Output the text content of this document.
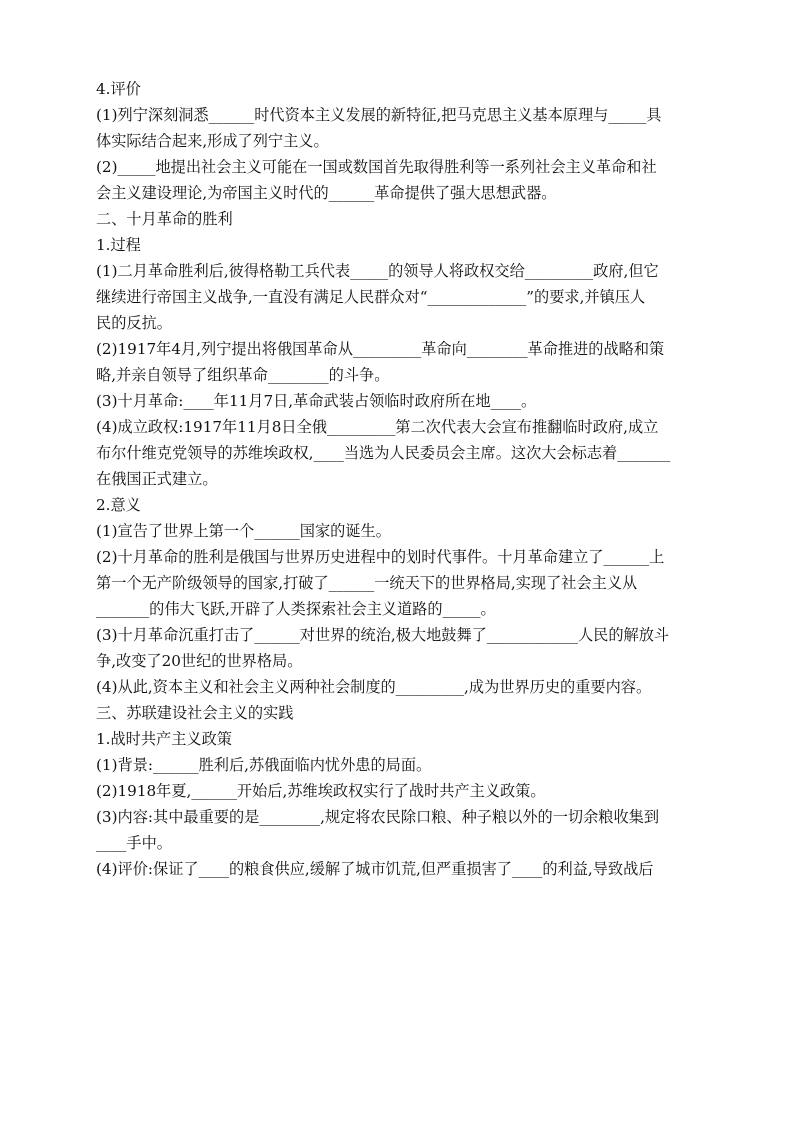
4.评价
(1)列宁深刻洞悉______时代资本主义发展的新特征,把马克思主义基本原理与_____具
体实际结合起来,形成了列宁主义。
(2)_____地提出社会主义可能在一国或数国首先取得胜利等一系列社会主义革命和社
会主义建设理论,为帝国主义时代的______革命提供了强大思想武器。
二、十月革命的胜利
1.过程
(1)二月革命胜利后,彼得格勒工兵代表_____的领导人将政权交给_________政府,但它
继续进行帝国主义战争,一直没有满足人民群众对“_____________”的要求,并镇压人
民的反抗。
(2)1917年4月,列宁提出将俄国革命从_________革命向________革命推进的战略和策
略,并亲自领导了组织革命________的斗争。
(3)十月革命:____年11月7日,革命武装占领临时政府所在地____。
(4)成立政权:1917年11月8日全俄_________第二次代表大会宣布推翻临时政府,成立
布尔什维克党领导的苏维埃政权,____当选为人民委员会主席。这次大会标志着_______
在俄国正式建立。
2.意义
(1)宣告了世界上第一个______国家的诞生。
(2)十月革命的胜利是俄国与世界历史进程中的划时代事件。十月革命建立了______上
第一个无产阶级领导的国家,打破了______一统天下的世界格局,实现了社会主义从
_______的伟大飞跃,开辟了人类探索社会主义道路的_____。
(3)十月革命沉重打击了______对世界的统治,极大地鼓舞了____________人民的解放斗
争,改变了20世纪的世界格局。
(4)从此,资本主义和社会主义两种社会制度的_________,成为世界历史的重要内容。
三、苏联建设社会主义的实践
1.战时共产主义政策
(1)背景:______胜利后,苏俄面临内忧外患的局面。
(2)1918年夏,______开始后,苏维埃政权实行了战时共产主义政策。
(3)内容:其中最重要的是________,规定将农民除口粮、种子粮以外的一切余粮收集到
____手中。
(4)评价:保证了____的粮食供应,缓解了城市饥荒,但严重损害了____的利益,导致战后
